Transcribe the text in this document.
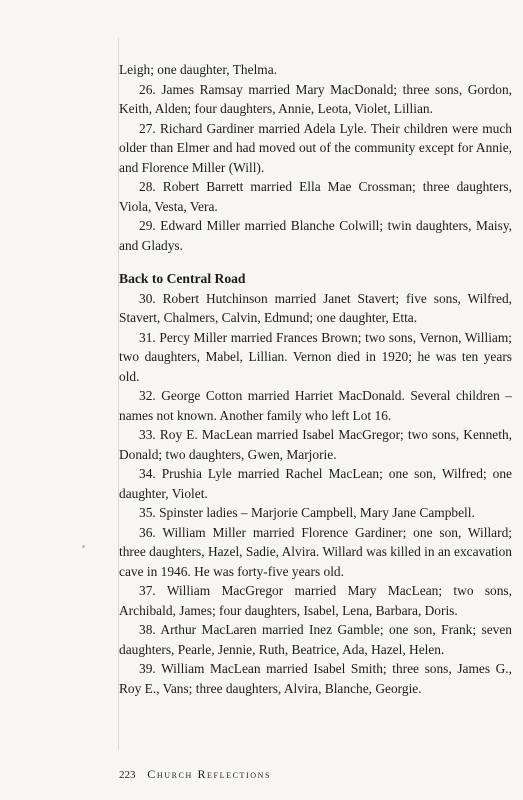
Leigh; one daughter, Thelma.

26. James Ramsay married Mary MacDonald; three sons, Gordon, Keith, Alden; four daughters, Annie, Leota, Violet, Lillian.

27. Richard Gardiner married Adela Lyle. Their children were much older than Elmer and had moved out of the community except for Annie, and Florence Miller (Will).

28. Robert Barrett married Ella Mae Crossman; three daughters, Viola, Vesta, Vera.

29. Edward Miller married Blanche Colwill; twin daughters, Maisy, and Gladys.

Back to Central Road

30. Robert Hutchinson married Janet Stavert; five sons, Wilfred, Stavert, Chalmers, Calvin, Edmund; one daughter, Etta.

31. Percy Miller married Frances Brown; two sons, Vernon, William; two daughters, Mabel, Lillian. Vernon died in 1920; he was ten years old.

32. George Cotton married Harriet MacDonald. Several children – names not known. Another family who left Lot 16.

33. Roy E. MacLean married Isabel MacGregor; two sons, Kenneth, Donald; two daughters, Gwen, Marjorie.

34. Prushia Lyle married Rachel MacLean; one son, Wilfred; one daughter, Violet.

35. Spinster ladies – Marjorie Campbell, Mary Jane Campbell.

36. William Miller married Florence Gardiner; one son, Willard; three daughters, Hazel, Sadie, Alvira. Willard was killed in an excavation cave in 1946. He was forty-five years old.

37. William MacGregor married Mary MacLean; two sons, Archibald, James; four daughters, Isabel, Lena, Barbara, Doris.

38. Arthur MacLaren married Inez Gamble; one son, Frank; seven daughters, Pearle, Jennie, Ruth, Beatrice, Ada, Hazel, Helen.

39. William MacLean married Isabel Smith; three sons, James G., Roy E., Vans; three daughters, Alvira, Blanche, Georgie.

223 Church Reflections
